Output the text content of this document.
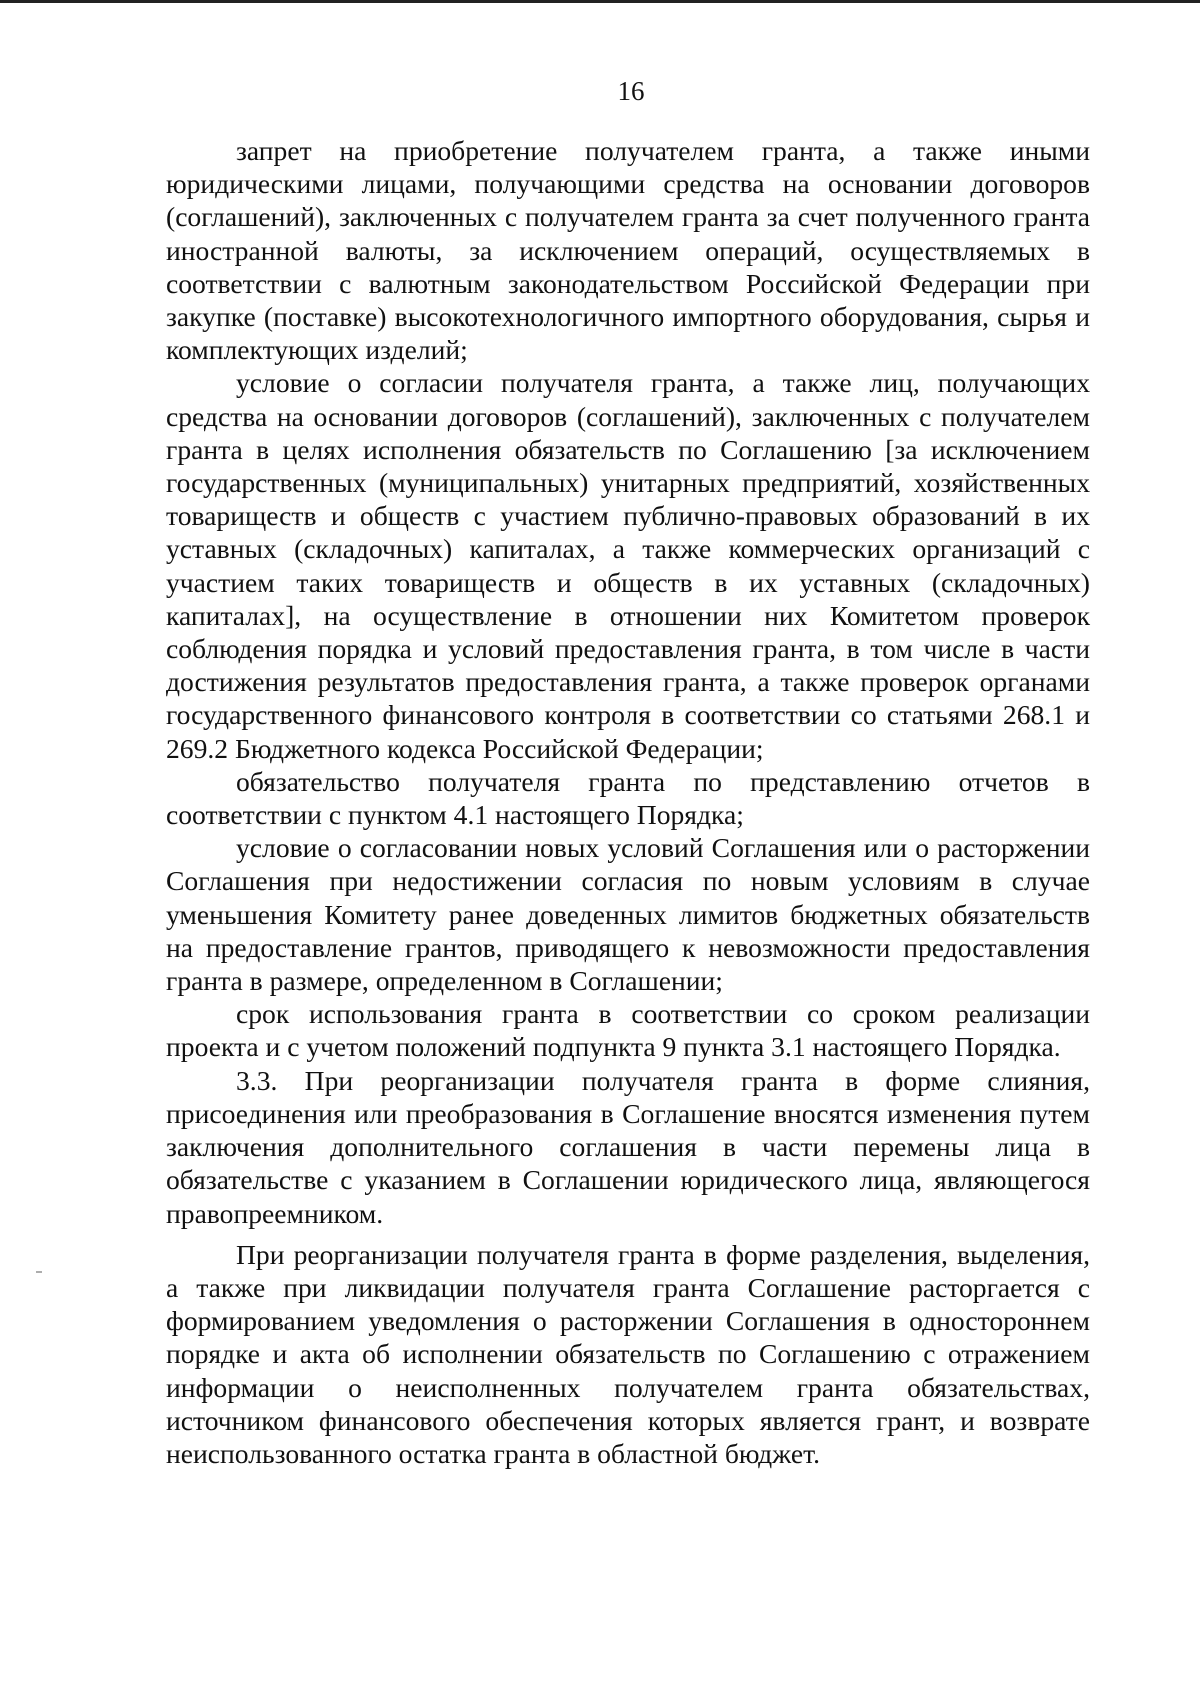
16

запрет на приобретение получателем гранта, а также иными юридическими лицами, получающими средства на основании договоров (соглашений), заключенных с получателем гранта за счет полученного гранта иностранной валюты, за исключением операций, осуществляемых в соответствии с валютным законодательством Российской Федерации при закупке (поставке) высокотехнологичного импортного оборудования, сырья и комплектующих изделий;

условие о согласии получателя гранта, а также лиц, получающих средства на основании договоров (соглашений), заключенных с получателем гранта в целях исполнения обязательств по Соглашению [за исключением государственных (муниципальных) унитарных предприятий, хозяйственных товариществ и обществ с участием публично-правовых образований в их уставных (складочных) капиталах, а также коммерческих организаций с участием таких товариществ и обществ в их уставных (складочных) капиталах], на осуществление в отношении них Комитетом проверок соблюдения порядка и условий предоставления гранта, в том числе в части достижения результатов предоставления гранта, а также проверок органами государственного финансового контроля в соответствии со статьями 268.1 и 269.2 Бюджетного кодекса Российской Федерации;

обязательство получателя гранта по представлению отчетов в соответствии с пунктом 4.1 настоящего Порядка;

условие о согласовании новых условий Соглашения или о расторжении Соглашения при недостижении согласия по новым условиям в случае уменьшения Комитету ранее доведенных лимитов бюджетных обязательств на предоставление грантов, приводящего к невозможности предоставления гранта в размере, определенном в Соглашении;

срок использования гранта в соответствии со сроком реализации проекта и с учетом положений подпункта 9 пункта 3.1 настоящего Порядка.

3.3. При реорганизации получателя гранта в форме слияния, присоединения или преобразования в Соглашение вносятся изменения путем заключения дополнительного соглашения в части перемены лица в обязательстве с указанием в Соглашении юридического лица, являющегося правопреемником.

При реорганизации получателя гранта в форме разделения, выделения, а также при ликвидации получателя гранта Соглашение расторгается с формированием уведомления о расторжении Соглашения в одностороннем порядке и акта об исполнении обязательств по Соглашению с отражением информации о неисполненных получателем гранта обязательствах, источником финансового обеспечения которых является грант, и возврате неиспользованного остатка гранта в областной бюджет.
